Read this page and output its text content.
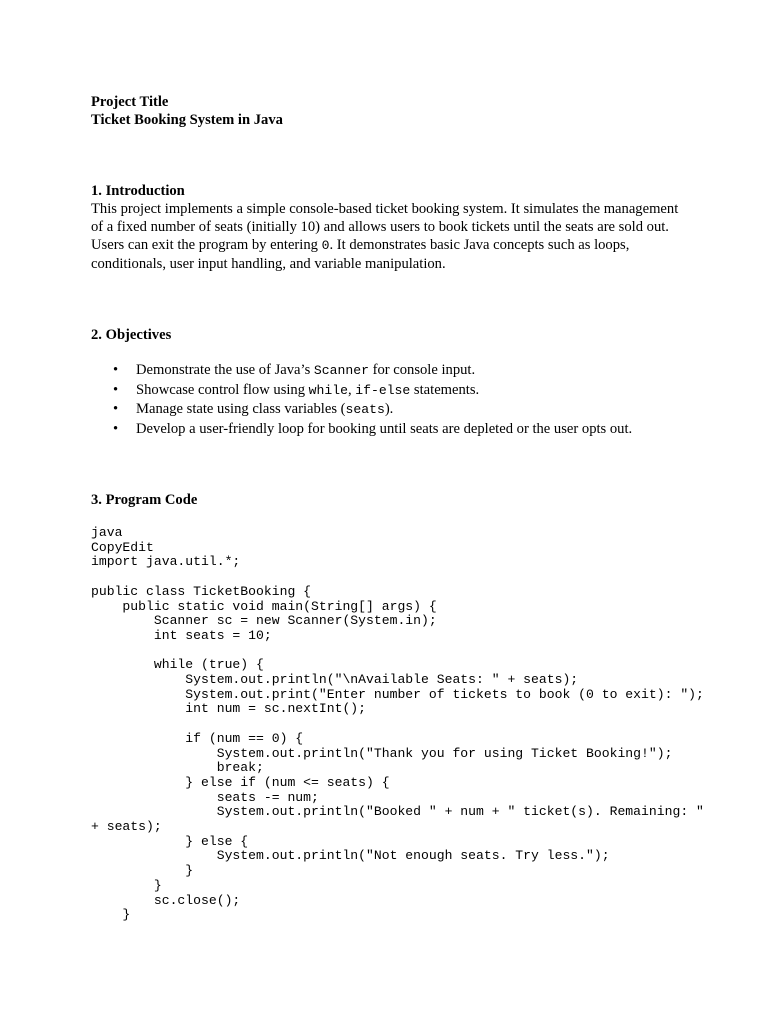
Project Title

Ticket Booking System in Java

1. Introduction

This project implements a simple console-based ticket booking system. It simulates the management of a fixed number of seats (initially 10) and allows users to book tickets until the seats are sold out. Users can exit the program by entering 0. It demonstrates basic Java concepts such as loops, conditionals, user input handling, and variable manipulation.

2. Objectives
• Demonstrate the use of Java’s Scanner for console input.
• Showcase control flow using while, if-else statements.
• Manage state using class variables (seats).
• Develop a user-friendly loop for booking until seats are depleted or the user opts out.
3. Program Code
java
CopyEdit
import java.util.*;

public class TicketBooking {
public static void main(String[] args) {
Scanner sc = new Scanner(System.in);
int seats = 10;

while (true) {
System.out.println("\nAvailable Seats: " + seats);
System.out.print("Enter number of tickets to book (0 to exit): ");
int num = sc.nextInt();

if (num == 0) {
System.out.println("Thank you for using Ticket Booking!");
break;
} else if (num <= seats) {
seats -= num;
System.out.println("Booked " + num + " ticket(s). Remaining: "
+ seats);
} else {
System.out.println("Not enough seats. Try less.");
}
}
sc.close();
}
